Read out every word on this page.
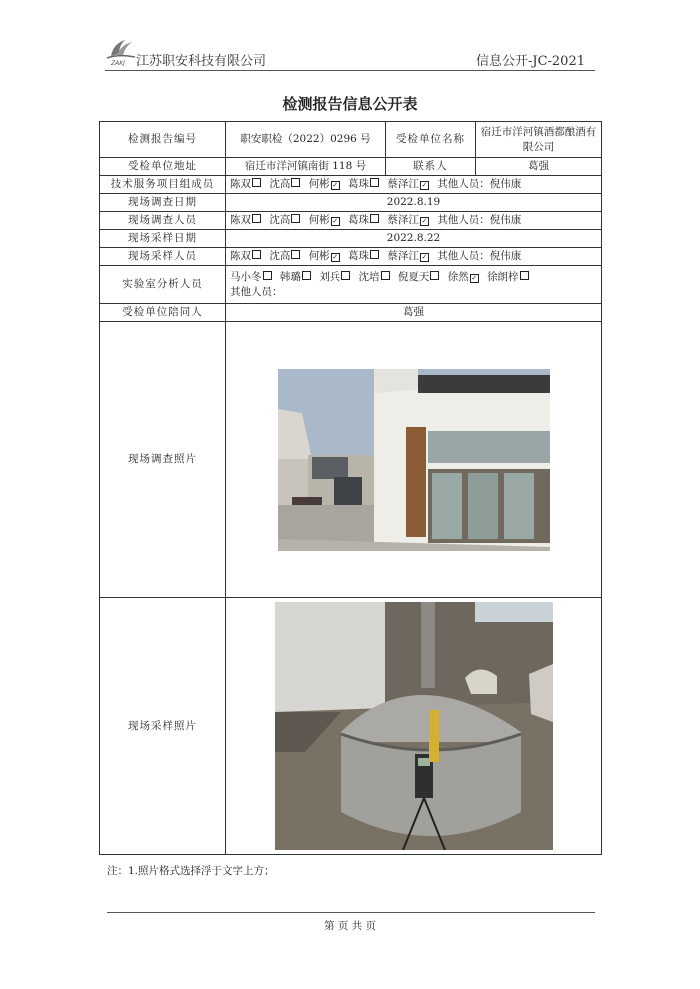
ZAKJ 江苏职安科技有限公司	信息公开-JC-2021
检测报告信息公开表
检测报告编号	职安职检（2022）0296 号	受检单位名称	宿迁市洋河镇酒都酿酒有限公司
受检单位地址	宿迁市洋河镇南街 118 号	联系人	葛强
技术服务项目组成员	陈双 沈高 何彬 ✓ 葛珠 蔡泽江 ✓ 其他人员：倪伟康		
现场调查日期	2022.8.19		
现场调查人员	陈双 沈高 何彬 ✓ 葛珠 蔡泽江 ✓ 其他人员：倪伟康		
现场采样日期	2022.8.22		
现场采样人员	陈双 沈高 何彬 ✓ 葛珠 蔡泽江 ✓ 其他人员：倪伟康		
实验室分析人员	马小冬 韩璐 刘兵 沈培 倪夏天 徐然 ✓ 徐朗梓
其他人员：		
受检单位陪同人	葛强		
现场调查照片	

现场采样照片	
注：1.照片格式选择浮于文字上方；
第 页 共 页
